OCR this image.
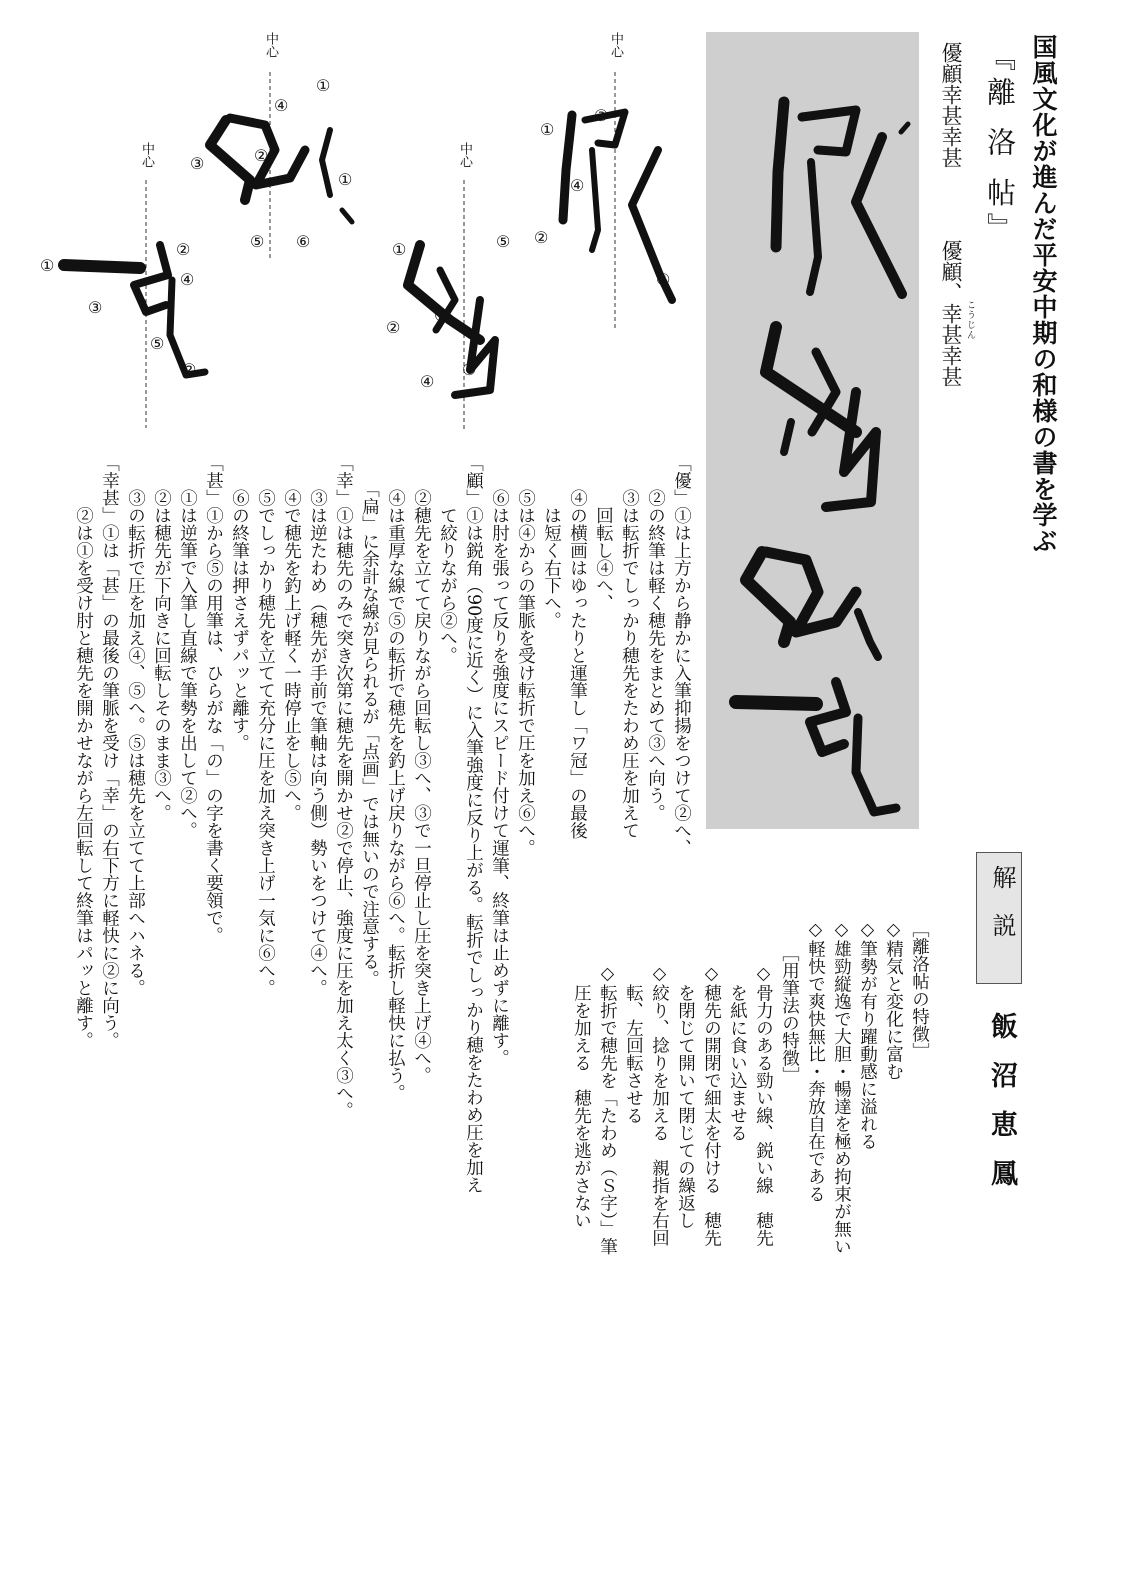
国風文化が進んだ平安中期の和様の書を学ぶ
『離 洛 帖』
優顧幸甚幸甚
優顧、幸甚幸甚 こうじん
解説
飯沼恵鳳
［離洛帖の特徴］
◇精気と変化に富む
◇筆勢が有り躍動感に溢れる
◇雄勁縦逸で大胆・暢達を極め拘束が無い
◇軽快で爽快無比・奔放自在である
［用筆法の特徴］
◇骨力のある勁い線、鋭い線　穂先
を紙に食い込ませる
◇穂先の開閉で細太を付ける　穂先
を閉じて開いて閉じての繰返し
◇絞り、捻りを加える　親指を右回
転、左回転させる
◇転折で穂先を「たわめ（Ｓ字）」筆
圧を加える　穂先を逃がさない
中心
中心
中心
中心
①
②
③
④
⑤
⑥
①
②
③
④
⑥
①
②
③
④
⑤ ⑥
①
①
②
③
④
⑤
②
「優」①は上方から静かに入筆抑揚をつけて②へ、
　　②の終筆は軽く穂先をまとめて③へ向う。
　　③は転折でしっかり穂先をたわめ圧を加えて
　　　回転し④へ、
　　④の横画はゆったりと運筆し「ワ冠」の最後
　　　は短く右下へ。
　　⑤は④からの筆脈を受け転折で圧を加え⑥へ。
　　⑥は肘を張って反りを強度にスピード付けて運筆、終筆は止めずに離す。
「顧」①は鋭角（90度に近く）に入筆強度に反り上がる。転折でしっかり穂をたわめ圧を加え
　　　て絞りながら②へ。
　　②穂先を立てて戻りながら回転し③へ、③で一旦停止し圧を突き上げ④へ。
　　④は重厚な線で⑤の転折で穂先を釣上げ戻りながら⑥へ。転折し軽快に払う。
　　「扁」に余計な線が見られるが「点画」では無いので注意する。
「幸」①は穂先のみで突き次第に穂先を開かせ②で停止、強度に圧を加え太く③へ。
　　③は逆たわめ（穂先が手前で筆軸は向う側）勢いをつけて④へ。
　　④で穂先を釣上げ軽く一時停止をし⑤へ。
　　⑤でしっかり穂先を立てて充分に圧を加え突き上げ一気に⑥へ。
　　⑥の終筆は押さえずパッと離す。
「甚」①から⑤の用筆は、ひらがな「の」の字を書く要領で。
　　①は逆筆で入筆し直線で筆勢を出して②へ。
　　②は穂先が下向きに回転しそのまま③へ。
　　③の転折で圧を加え④、⑤へ。⑤は穂先を立てて上部へハネる。
「幸甚」①は「甚」の最後の筆脈を受け「幸」の右下方に軽快に②に向う。
　　　②は①を受け肘と穂先を開かせながら左回転して終筆はパッと離す。
